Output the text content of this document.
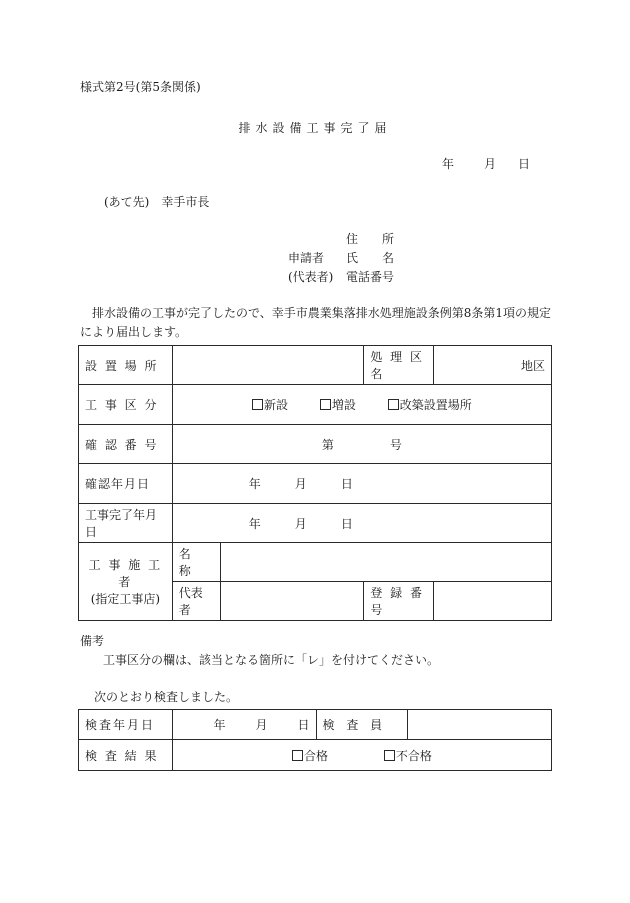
様式第2号(第5条関係)
排水設備工事完了届
年	月 日
(あて先)　幸手市長
住　　所
申請者 氏　　名
(代表者) 電話番号
排水設備の工事が完了したので、幸手市農業集落排水処理施設条例第8条第1項の規定により届出します。
設 置 場 所			処 理 区 名	地区
工 事 区 分	新設 増設 改築設置場所			
確 認 番 号	第 号			
確認年月日	年 月 日			
工事完了年月日	年 月 日			

工 事 施 工 者
(指定工事店)	名　称			
	代表者		登 録 番 号	
備考
工事区分の欄は、該当となる箇所に「レ」を付けてください。
次のとおり検査しました。
検査年月日	年 月 日	検 査 員	
検 査 結 果	合格 不合格		
